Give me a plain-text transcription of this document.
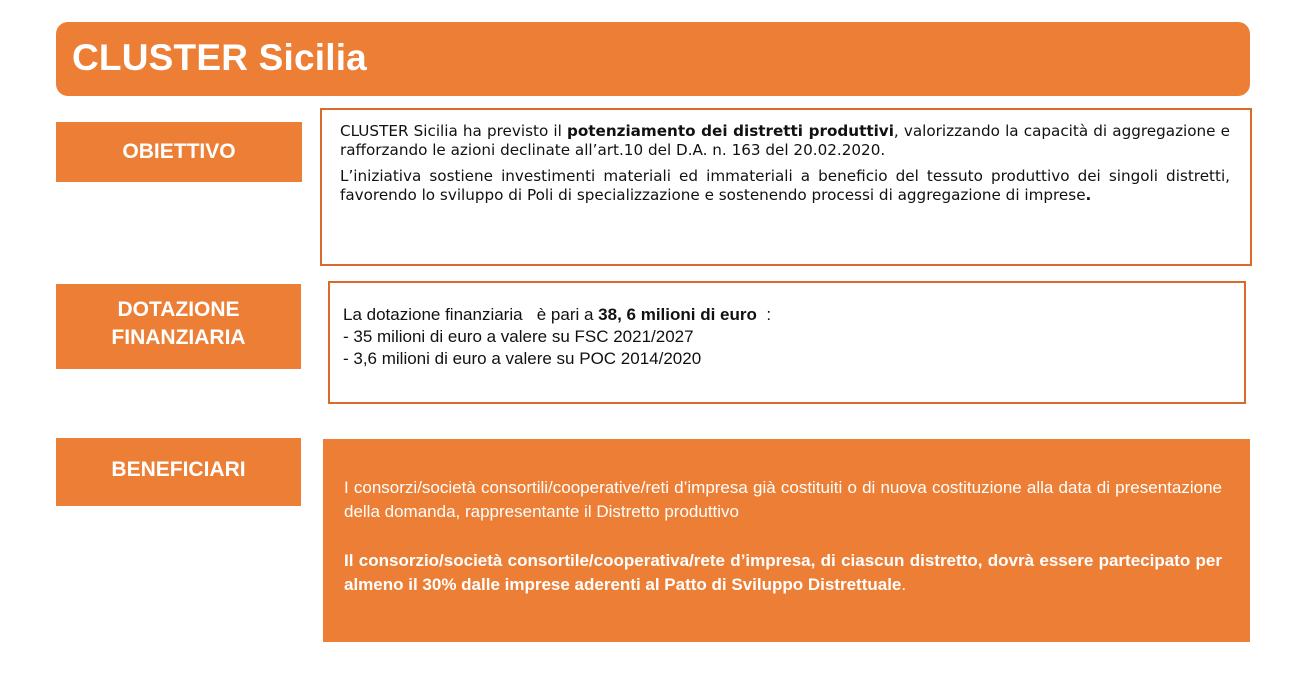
CLUSTER Sicilia
OBIETTIVO

CLUSTER Sicilia ha previsto il potenziamento dei distretti produttivi, valorizzando la capacità di aggregazione e rafforzando le azioni declinate all’art.10 del D.A. n. 163 del 20.02.2020.

L’iniziativa sostiene investimenti materiali ed immateriali a beneficio del tessuto produttivo dei singoli distretti, favorendo lo sviluppo di Poli di specializzazione e sostenendo processi di aggregazione di imprese.

DOTAZIONE
FINANZIARIA
La dotazione finanziaria   è pari a 38, 6 milioni di euro  :
- 35 milioni di euro a valere su FSC 2021/2027
- 3,6 milioni di euro a valere su POC 2014/2020
BENEFICIARI

I consorzi/società consortili/cooperative/reti d’impresa già costituiti o di nuova costituzione alla data di presentazione della domanda, rappresentante il Distretto produttivo

Il consorzio/società consortile/cooperativa/rete d’impresa, di ciascun distretto, dovrà essere partecipato per almeno il 30% dalle imprese aderenti al Patto di Sviluppo Distrettuale.
